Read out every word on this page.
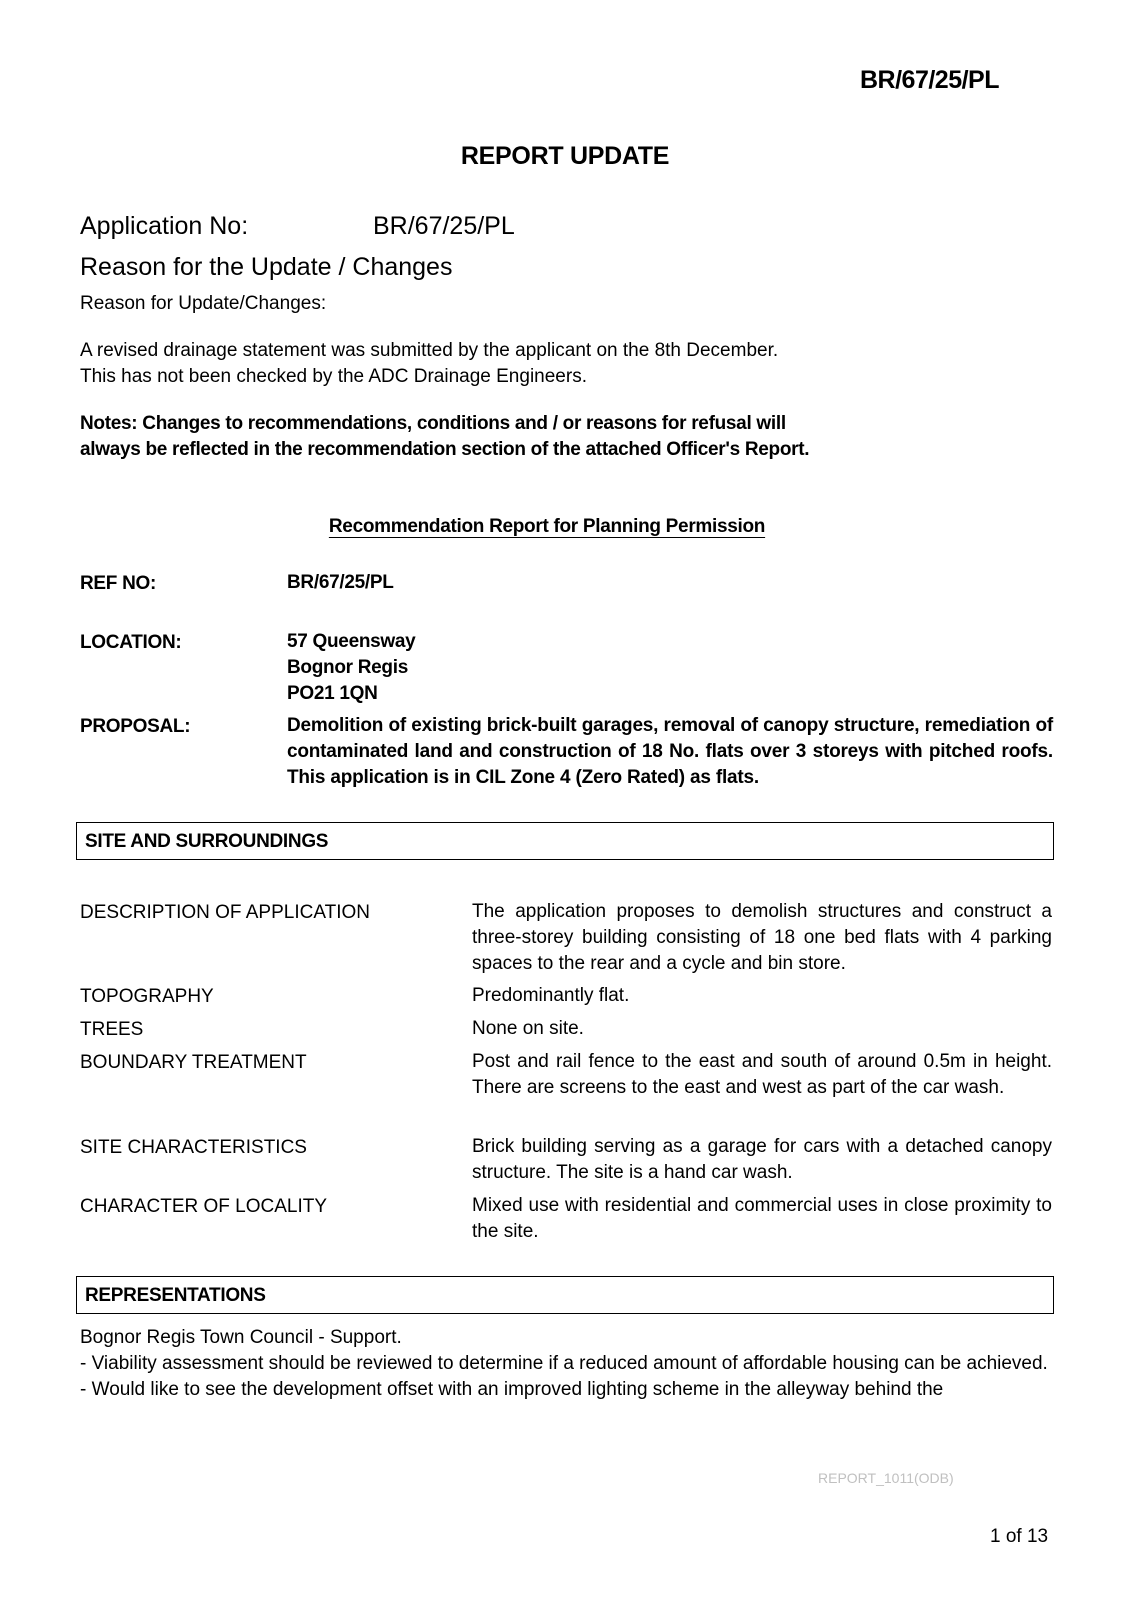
BR/67/25/PL
REPORT UPDATE
Application No:	BR/67/25/PL
Reason for the Update / Changes
Reason for Update/Changes:
A revised drainage statement was submitted by the applicant on the 8th December.
This has not been checked by the ADC Drainage Engineers.
Notes: Changes to recommendations, conditions and / or reasons for refusal will
always be reflected in the recommendation section of the attached Officer's Report.
Recommendation Report for Planning Permission
REF NO:	BR/67/25/PL
LOCATION:	57 Queensway
Bognor Regis
PO21 1QN
PROPOSAL:	Demolition of existing brick-built garages, removal of canopy structure, remediation of contaminated land and construction of 18 No. flats over 3 storeys with pitched roofs. This application is in CIL Zone 4 (Zero Rated) as flats.
SITE AND SURROUNDINGS
DESCRIPTION OF APPLICATION	The application proposes to demolish structures and construct a three-storey building consisting of 18 one bed flats with 4 parking spaces to the rear and a cycle and bin store.
TOPOGRAPHY	Predominantly flat.
TREES	None on site.
BOUNDARY TREATMENT	Post and rail fence to the east and south of around 0.5m in height. There are screens to the east and west as part of the car wash.
SITE CHARACTERISTICS	Brick building serving as a garage for cars with a detached canopy structure. The site is a hand car wash.
CHARACTER OF LOCALITY	Mixed use with residential and commercial uses in close proximity to the site.
REPRESENTATIONS
Bognor Regis Town Council - Support.
- Viability assessment should be reviewed to determine if a reduced amount of affordable housing can be achieved.
- Would like to see the development offset with an improved lighting scheme in the alleyway behind the
REPORT_1011(ODB)
1 of 13
